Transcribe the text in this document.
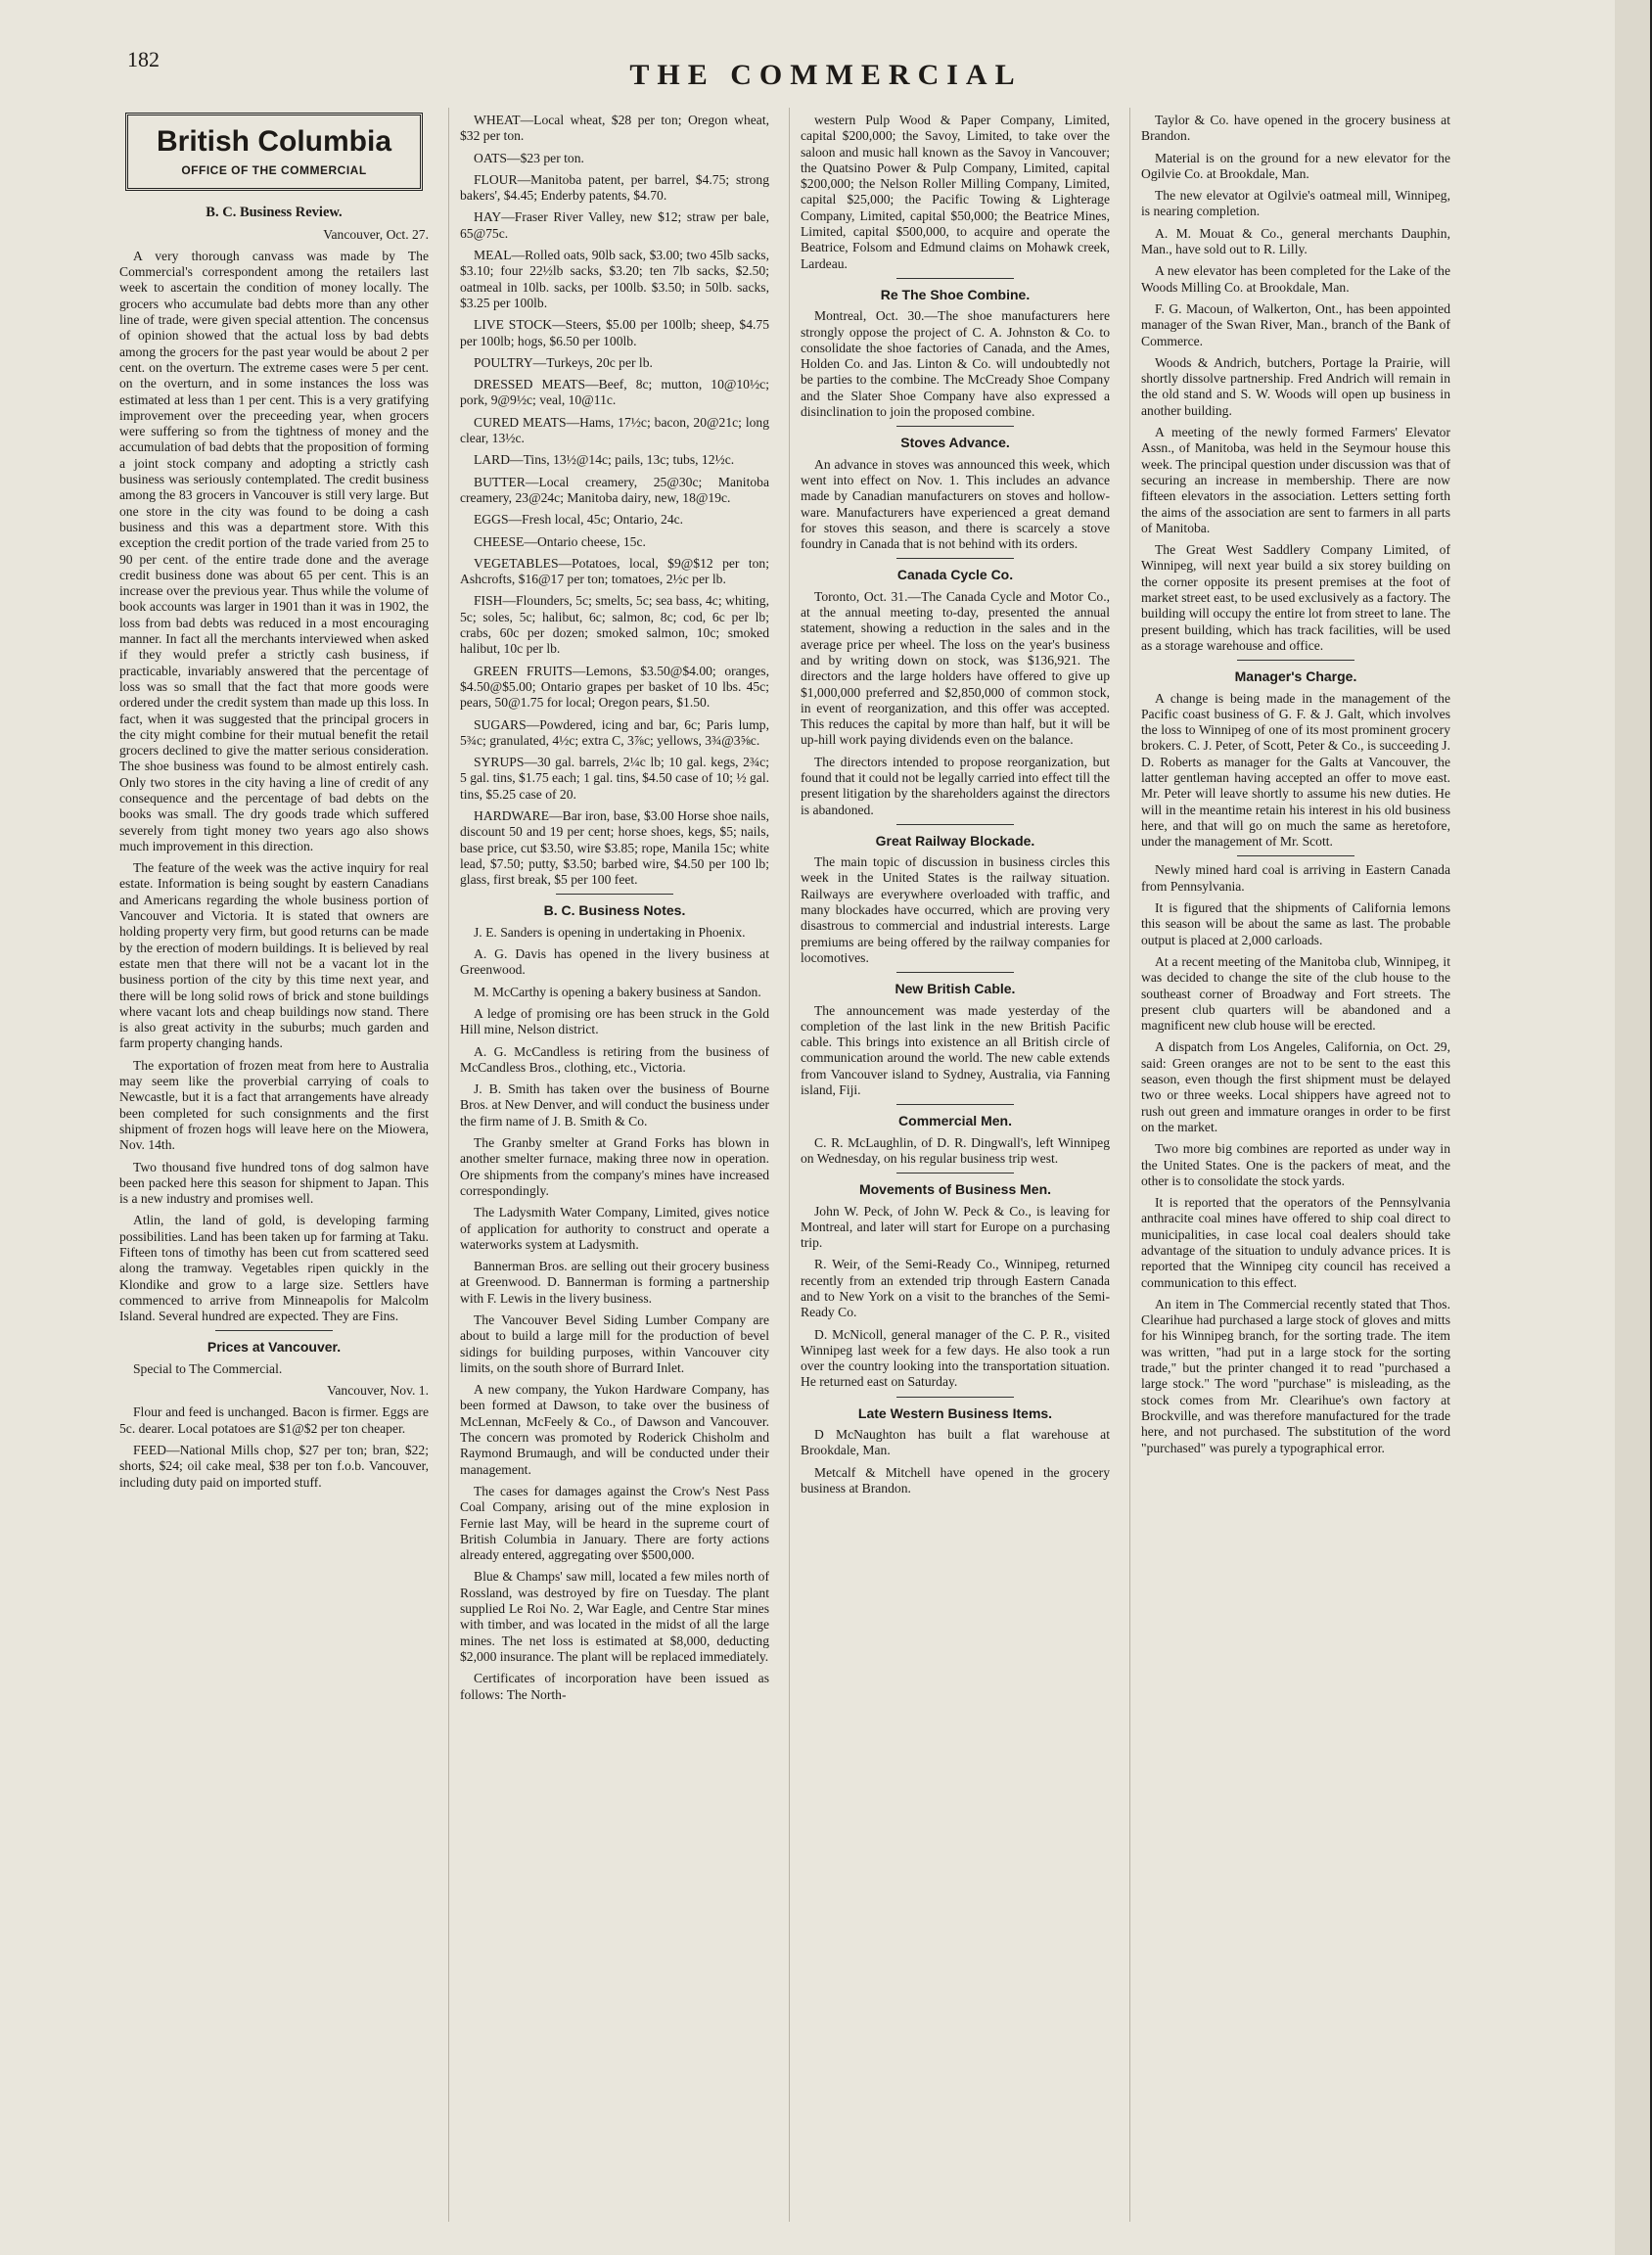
182	THE COMMERCIAL
British Columbia
OFFICE OF THE COMMERCIAL
B. C. Business Review.
Vancouver, Oct. 27.

A very thorough canvass was made by The Commercial's correspondent among the retailers last week to ascertain the condition of money locally. The grocers who accumulate bad debts more than any other line of trade, were given special attention. The concensus of opinion showed that the actual loss by bad debts among the grocers for the past year would be about 2 per cent. on the overturn. The extreme cases were 5 per cent. on the overturn, and in some instances the loss was estimated at less than 1 per cent. This is a very gratifying improvement over the preceeding year, when grocers were suffering so from the tightness of money and the accumulation of bad debts that the proposition of forming a joint stock company and adopting a strictly cash business was seriously contemplated. The credit business among the 83 grocers in Vancouver is still very large. But one store in the city was found to be doing a cash business and this was a department store. With this exception the credit portion of the trade varied from 25 to 90 per cent. of the entire trade done and the average credit business done was about 65 per cent. This is an increase over the previous year. Thus while the volume of book accounts was larger in 1901 than it was in 1902, the loss from bad debts was reduced in a most encouraging manner. In fact all the merchants interviewed when asked if they would prefer a strictly cash business, if practicable, invariably answered that the percentage of loss was so small that the fact that more goods were ordered under the credit system than made up this loss. In fact, when it was suggested that the principal grocers in the city might combine for their mutual benefit the retail grocers declined to give the matter serious consideration. The shoe business was found to be almost entirely cash. Only two stores in the city having a line of credit of any consequence and the percentage of bad debts on the books was small. The dry goods trade which suffered severely from tight money two years ago also shows much improvement in this direction.

The feature of the week was the active inquiry for real estate. Information is being sought by eastern Canadians and Americans regarding the whole business portion of Vancouver and Victoria. It is stated that owners are holding property very firm, but good returns can be made by the erection of modern buildings. It is believed by real estate men that there will not be a vacant lot in the business portion of the city by this time next year, and there will be long solid rows of brick and stone buildings where vacant lots and cheap buildings now stand. There is also great activity in the suburbs; much garden and farm property changing hands.

The exportation of frozen meat from here to Australia may seem like the proverbial carrying of coals to Newcastle, but it is a fact that arrangements have already been completed for such consignments and the first shipment of frozen hogs will leave here on the Miowera, Nov. 14th.

Two thousand five hundred tons of dog salmon have been packed here this season for shipment to Japan. This is a new industry and promises well.

Atlin, the land of gold, is developing farming possibilities. Land has been taken up for farming at Taku. Fifteen tons of timothy has been cut from scattered seed along the tramway. Vegetables ripen quickly in the Klondike and grow to a large size. Settlers have commenced to arrive from Minneapolis for Malcolm Island. Several hundred are expected. They are Fins.

Prices at Vancouver.

Special to The Commercial.

Vancouver, Nov. 1.

Flour and feed is unchanged. Bacon is firmer. Eggs are 5c. dearer. Local potatoes are $1@$2 per ton cheaper.

FEED—National Mills chop, $27 per ton; bran, $22; shorts, $24; oil cake meal, $38 per ton f.o.b. Vancouver, including duty paid on imported stuff.

WHEAT—Local wheat, $28 per ton; Oregon wheat, $32 per ton.

OATS—$23 per ton.

FLOUR—Manitoba patent, per barrel, $4.75; strong bakers', $4.45; Enderby patents, $4.70.

HAY—Fraser River Valley, new $12; straw per bale, 65@75c.

MEAL—Rolled oats, 90lb sack, $3.00; two 45lb sacks, $3.10; four 22½lb sacks, $3.20; ten 7lb sacks, $2.50; oatmeal in 10lb. sacks, per 100lb. $3.50; in 50lb. sacks, $3.25 per 100lb.

LIVE STOCK—Steers, $5.00 per 100lb; sheep, $4.75 per 100lb; hogs, $6.50 per 100lb.

POULTRY—Turkeys, 20c per lb.

DRESSED MEATS—Beef, 8c; mutton, 10@10½c; pork, 9@9½c; veal, 10@11c.

CURED MEATS—Hams, 17½c; bacon, 20@21c; long clear, 13½c.

LARD—Tins, 13½@14c; pails, 13c; tubs, 12½c.

BUTTER—Local creamery, 25@30c; Manitoba creamery, 23@24c; Manitoba dairy, new, 18@19c.

EGGS—Fresh local, 45c; Ontario, 24c.

CHEESE—Ontario cheese, 15c.

VEGETABLES—Potatoes, local, $9@$12 per ton; Ashcrofts, $16@17 per ton; tomatoes, 2½c per lb.

FISH—Flounders, 5c; smelts, 5c; sea bass, 4c; whiting, 5c; soles, 5c; halibut, 6c; salmon, 8c; cod, 6c per lb; crabs, 60c per dozen; smoked salmon, 10c; smoked halibut, 10c per lb.

GREEN FRUITS—Lemons, $3.50@$4.00; oranges, $4.50@$5.00; Ontario grapes per basket of 10 lbs. 45c; pears, 50@1.75 for local; Oregon pears, $1.50.

SUGARS—Powdered, icing and bar, 6c; Paris lump, 5¾c; granulated, 4½c; extra C, 3⅞c; yellows, 3¾@3⅝c.

SYRUPS—30 gal. barrels, 2¼c lb; 10 gal. kegs, 2¾c; 5 gal. tins, $1.75 each; 1 gal. tins, $4.50 case of 10; ½ gal. tins, $5.25 case of 20.

HARDWARE—Bar iron, base, $3.00 Horse shoe nails, discount 50 and 19 per cent; horse shoes, kegs, $5; nails, base price, cut $3.50, wire $3.85; rope, Manila 15c; white lead, $7.50; putty, $3.50; barbed wire, $4.50 per 100 lb; glass, first break, $5 per 100 feet.

B. C. Business Notes.

J. E. Sanders is opening in undertaking in Phoenix.

A. G. Davis has opened in the livery business at Greenwood.

M. McCarthy is opening a bakery business at Sandon.

A ledge of promising ore has been struck in the Gold Hill mine, Nelson district.

A. G. McCandless is retiring from the business of McCandless Bros., clothing, etc., Victoria.

J. B. Smith has taken over the business of Bourne Bros. at New Denver, and will conduct the business under the firm name of J. B. Smith & Co.

The Granby smelter at Grand Forks has blown in another smelter furnace, making three now in operation. Ore shipments from the company's mines have increased correspondingly.

The Ladysmith Water Company, Limited, gives notice of application for authority to construct and operate a waterworks system at Ladysmith.

Bannerman Bros. are selling out their grocery business at Greenwood. D. Bannerman is forming a partnership with F. Lewis in the livery business.

The Vancouver Bevel Siding Lumber Company are about to build a large mill for the production of bevel sidings for building purposes, within Vancouver city limits, on the south shore of Burrard Inlet.

A new company, the Yukon Hardware Company, has been formed at Dawson, to take over the business of McLennan, McFeely & Co., of Dawson and Vancouver. The concern was promoted by Roderick Chisholm and Raymond Brumaugh, and will be conducted under their management.

The cases for damages against the Crow's Nest Pass Coal Company, arising out of the mine explosion in Fernie last May, will be heard in the supreme court of British Columbia in January. There are forty actions already entered, aggregating over $500,000.

Blue & Champs' saw mill, located a few miles north of Rossland, was destroyed by fire on Tuesday. The plant supplied Le Roi No. 2, War Eagle, and Centre Star mines with timber, and was located in the midst of all the large mines. The net loss is estimated at $8,000, deducting $2,000 insurance. The plant will be replaced immediately.

Certificates of incorporation have been issued as follows: The North-

western Pulp Wood & Paper Company, Limited, capital $200,000; the Savoy, Limited, to take over the saloon and music hall known as the Savoy in Vancouver; the Quatsino Power & Pulp Company, Limited, capital $200,000; the Nelson Roller Milling Company, Limited, capital $25,000; the Pacific Towing & Lighterage Company, Limited, capital $50,000; the Beatrice Mines, Limited, capital $500,000, to acquire and operate the Beatrice, Folsom and Edmund claims on Mohawk creek, Lardeau.

Re The Shoe Combine.

Montreal, Oct. 30.—The shoe manufacturers here strongly oppose the project of C. A. Johnston & Co. to consolidate the shoe factories of Canada, and the Ames, Holden Co. and Jas. Linton & Co. will undoubtedly not be parties to the combine. The McCready Shoe Company and the Slater Shoe Company have also expressed a disinclination to join the proposed combine.

Stoves Advance.

An advance in stoves was announced this week, which went into effect on Nov. 1. This includes an advance made by Canadian manufacturers on stoves and hollow-ware. Manufacturers have experienced a great demand for stoves this season, and there is scarcely a stove foundry in Canada that is not behind with its orders.

Canada Cycle Co.

Toronto, Oct. 31.—The Canada Cycle and Motor Co., at the annual meeting to-day, presented the annual statement, showing a reduction in the sales and in the average price per wheel. The loss on the year's business and by writing down on stock, was $136,921. The directors and the large holders have offered to give up $1,000,000 preferred and $2,850,000 of common stock, in event of reorganization, and this offer was accepted. This reduces the capital by more than half, but it will be up-hill work paying dividends even on the balance.

The directors intended to propose reorganization, but found that it could not be legally carried into effect till the present litigation by the shareholders against the directors is abandoned.

Great Railway Blockade.

The main topic of discussion in business circles this week in the United States is the railway situation. Railways are everywhere overloaded with traffic, and many blockades have occurred, which are proving very disastrous to commercial and industrial interests. Large premiums are being offered by the railway companies for locomotives.

New British Cable.

The announcement was made yesterday of the completion of the last link in the new British Pacific cable. This brings into existence an all British circle of communication around the world. The new cable extends from Vancouver island to Sydney, Australia, via Fanning island, Fiji.

Commercial Men.

C. R. McLaughlin, of D. R. Dingwall's, left Winnipeg on Wednesday, on his regular business trip west.

Movements of Business Men.

John W. Peck, of John W. Peck & Co., is leaving for Montreal, and later will start for Europe on a purchasing trip.

R. Weir, of the Semi-Ready Co., Winnipeg, returned recently from an extended trip through Eastern Canada and to New York on a visit to the branches of the Semi-Ready Co.

D. McNicoll, general manager of the C. P. R., visited Winnipeg last week for a few days. He also took a run over the country looking into the transportation situation. He returned east on Saturday.

Late Western Business Items.

D McNaughton has built a flat warehouse at Brookdale, Man.

Metcalf & Mitchell have opened in the grocery business at Brandon.

Taylor & Co. have opened in the grocery business at Brandon.

Material is on the ground for a new elevator for the Ogilvie Co. at Brookdale, Man.

The new elevator at Ogilvie's oatmeal mill, Winnipeg, is nearing completion.

A. M. Mouat & Co., general merchants Dauphin, Man., have sold out to R. Lilly.

A new elevator has been completed for the Lake of the Woods Milling Co. at Brookdale, Man.

F. G. Macoun, of Walkerton, Ont., has been appointed manager of the Swan River, Man., branch of the Bank of Commerce.

Woods & Andrich, butchers, Portage la Prairie, will shortly dissolve partnership. Fred Andrich will remain in the old stand and S. W. Woods will open up business in another building.

A meeting of the newly formed Farmers' Elevator Assn., of Manitoba, was held in the Seymour house this week. The principal question under discussion was that of securing an increase in membership. There are now fifteen elevators in the association. Letters setting forth the aims of the association are sent to farmers in all parts of Manitoba.

The Great West Saddlery Company Limited, of Winnipeg, will next year build a six storey building on the corner opposite its present premises at the foot of market street east, to be used exclusively as a factory. The building will occupy the entire lot from street to lane. The present building, which has track facilities, will be used as a storage warehouse and office.

Manager's Charge.

A change is being made in the management of the Pacific coast business of G. F. & J. Galt, which involves the loss to Winnipeg of one of its most prominent grocery brokers. C. J. Peter, of Scott, Peter & Co., is succeeding J. D. Roberts as manager for the Galts at Vancouver, the latter gentleman having accepted an offer to move east. Mr. Peter will leave shortly to assume his new duties. He will in the meantime retain his interest in his old business here, and that will go on much the same as heretofore, under the management of Mr. Scott.

Newly mined hard coal is arriving in Eastern Canada from Pennsylvania.

It is figured that the shipments of California lemons this season will be about the same as last. The probable output is placed at 2,000 carloads.

At a recent meeting of the Manitoba club, Winnipeg, it was decided to change the site of the club house to the southeast corner of Broadway and Fort streets. The present club quarters will be abandoned and a magnificent new club house will be erected.

A dispatch from Los Angeles, California, on Oct. 29, said: Green oranges are not to be sent to the east this season, even though the first shipment must be delayed two or three weeks. Local shippers have agreed not to rush out green and immature oranges in order to be first on the market.

Two more big combines are reported as under way in the United States. One is the packers of meat, and the other is to consolidate the stock yards.

It is reported that the operators of the Pennsylvania anthracite coal mines have offered to ship coal direct to municipalities, in case local coal dealers should take advantage of the situation to unduly advance prices. It is reported that the Winnipeg city council has received a communication to this effect.

An item in The Commercial recently stated that Thos. Clearihue had purchased a large stock of gloves and mitts for his Winnipeg branch, for the sorting trade. The item was written, "had put in a large stock for the sorting trade," but the printer changed it to read "purchased a large stock." The word "purchase" is misleading, as the stock comes from Mr. Clearihue's own factory at Brockville, and was therefore manufactured for the trade here, and not purchased. The substitution of the word "purchased" was purely a typographical error.
